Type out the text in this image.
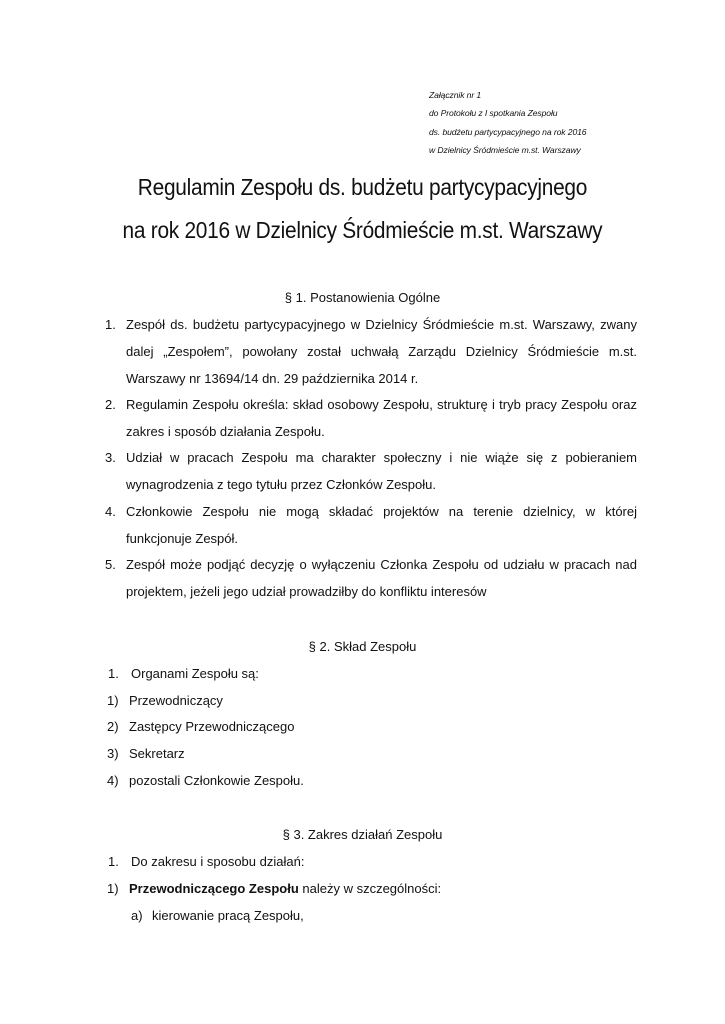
Załącznik nr 1
do Protokołu z I spotkania Zespołu
ds. budżetu partycypacyjnego na rok 2016
w Dzielnicy Śródmieście m.st. Warszawy
Regulamin Zespołu ds. budżetu partycypacyjnego
na rok 2016 w Dzielnicy Śródmieście m.st. Warszawy
§ 1. Postanowienia Ogólne
1. Zespół ds. budżetu partycypacyjnego w Dzielnicy Śródmieście m.st. Warszawy, zwany dalej „Zespołem”, powołany został uchwałą Zarządu Dzielnicy Śródmieście m.st. Warszawy nr 13694/14 dn. 29 października 2014 r.
2. Regulamin Zespołu określa: skład osobowy Zespołu, strukturę i tryb pracy Zespołu oraz zakres i sposób działania Zespołu.
3. Udział w pracach Zespołu ma charakter społeczny i nie wiąże się z pobieraniem wynagrodzenia z tego tytułu przez Członków Zespołu.
4. Członkowie Zespołu nie mogą składać projektów na terenie dzielnicy, w której funkcjonuje Zespół.
5. Zespół może podjąć decyzję o wyłączeniu Członka Zespołu od udziału w pracach nad projektem, jeżeli jego udział prowadziłby do konfliktu interesów
§ 2. Skład Zespołu
1. Organami Zespołu są:
1) Przewodniczący
2) Zastępcy Przewodniczącego
3) Sekretarz
4) pozostali Członkowie Zespołu.
§ 3. Zakres działań Zespołu
1. Do zakresu i sposobu działań:
1) Przewodniczącego Zespołu należy w szczególności:
a) kierowanie pracą Zespołu,
